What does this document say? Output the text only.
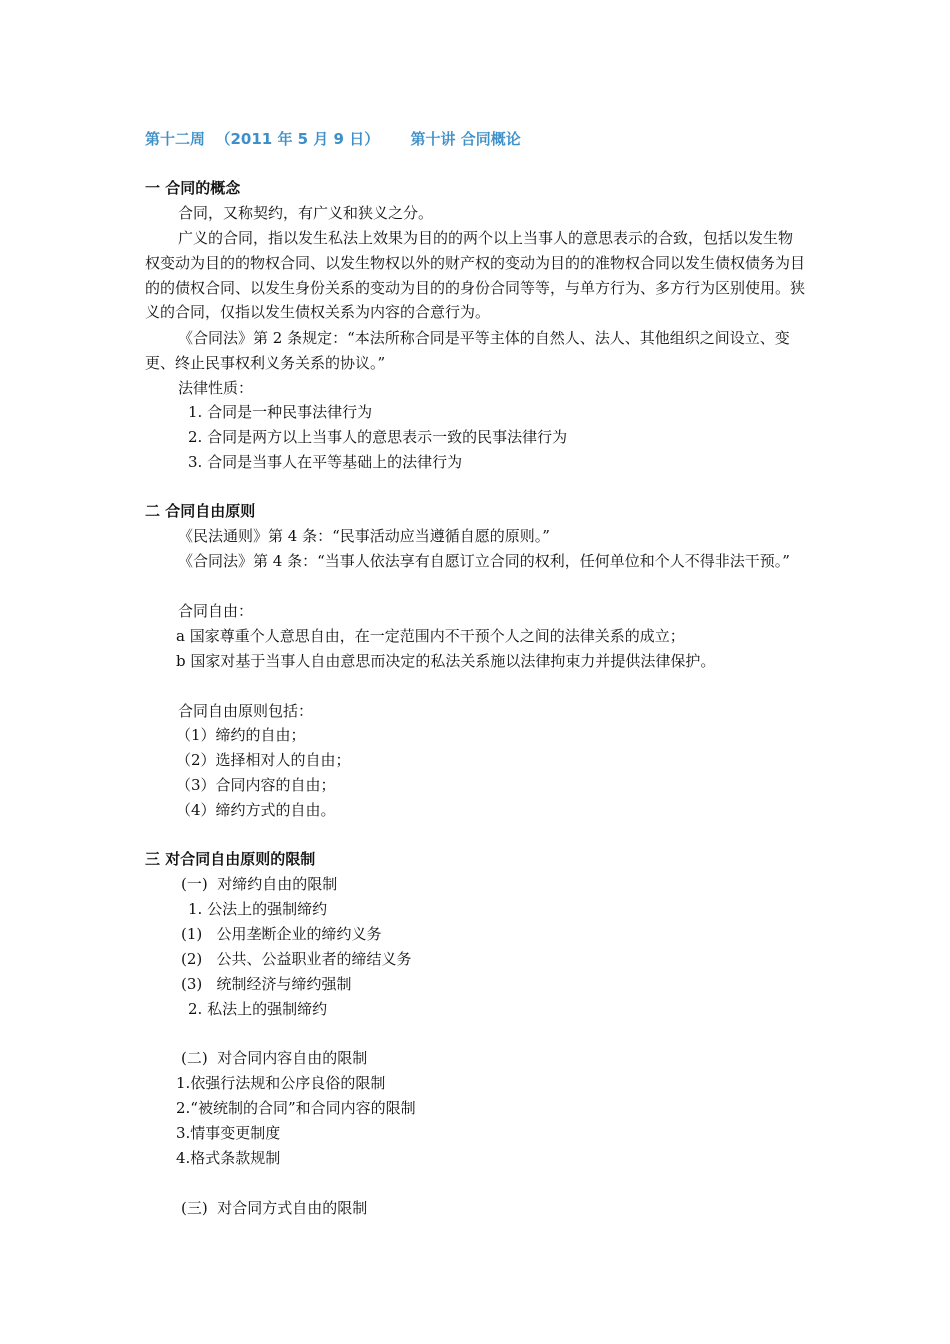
第十二周 （2011 年 5 月 9 日） 第十讲 合同概论

一 合同的概念

合同，又称契约，有广义和狭义之分。

广义的合同，指以发生私法上效果为目的的两个以上当事人的意思表示的合致，包括以发生物权变动为目的的物权合同、以发生物权以外的财产权的变动为目的的准物权合同以发生债权债务为目的的债权合同、以发生身份关系的变动为目的的身份合同等等，与单方行为、多方行为区别使用。狭义的合同，仅指以发生债权关系为内容的合意行为。

《合同法》第 2 条规定：“本法所称合同是平等主体的自然人、法人、其他组织之间设立、变更、终止民事权利义务关系的协议。”

法律性质：

1. 合同是一种民事法律行为

2. 合同是两方以上当事人的意思表示一致的民事法律行为

3. 合同是当事人在平等基础上的法律行为

二 合同自由原则

《民法通则》第 4 条：“民事活动应当遵循自愿的原则。”

《合同法》第 4 条：“当事人依法享有自愿订立合同的权利，任何单位和个人不得非法干预。”

合同自由：

a 国家尊重个人意思自由，在一定范围内不干预个人之间的法律关系的成立；

b 国家对基于当事人自由意思而决定的私法关系施以法律拘束力并提供法律保护。

合同自由原则包括：

（1）缔约的自由；

（2）选择相对人的自由；

（3）合同内容的自由；

（4）缔约方式的自由。

三 对合同自由原则的限制

(一)  对缔约自由的限制

1. 公法上的强制缔约

(1)   公用垄断企业的缔约义务

(2)   公共、公益职业者的缔结义务

(3)   统制经济与缔约强制

2. 私法上的强制缔约

(二)  对合同内容自由的限制

1.依强行法规和公序良俗的限制

2.“被统制的合同”和合同内容的限制

3.情事变更制度

4.格式条款规制

(三)  对合同方式自由的限制
